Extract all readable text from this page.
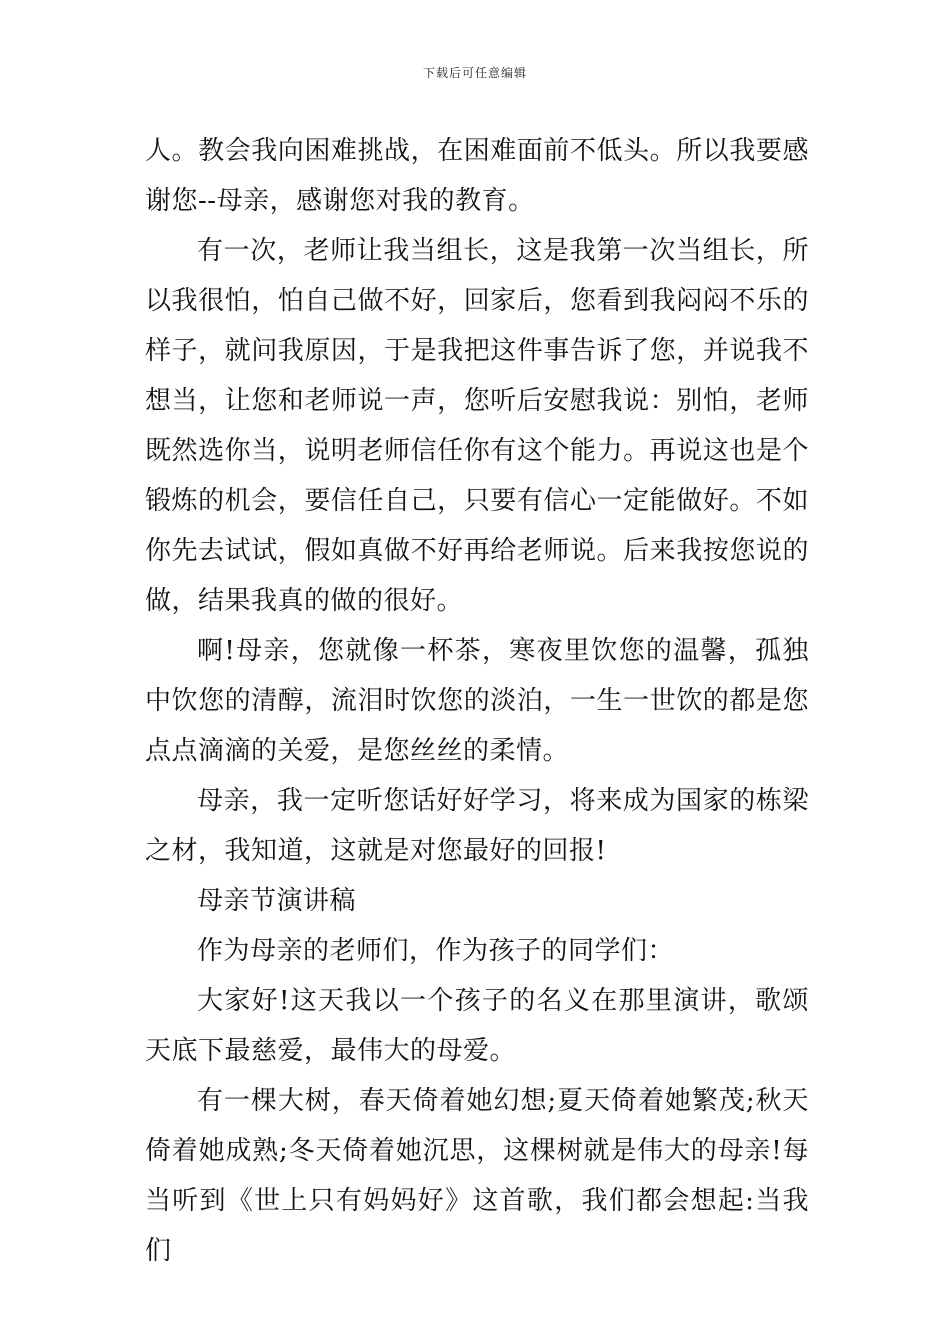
下载后可任意编辑

人。教会我向困难挑战，在困难面前不低头。所以我要感谢您--母亲，感谢您对我的教育。

有一次，老师让我当组长，这是我第一次当组长，所以我很怕，怕自己做不好，回家后，您看到我闷闷不乐的样子，就问我原因，于是我把这件事告诉了您，并说我不想当，让您和老师说一声，您听后安慰我说：别怕，老师既然选你当，说明老师信任你有这个能力。再说这也是个锻炼的机会，要信任自己，只要有信心一定能做好。不如你先去试试，假如真做不好再给老师说。后来我按您说的做，结果我真的做的很好。

啊!母亲，您就像一杯茶，寒夜里饮您的温馨，孤独中饮您的清醇，流泪时饮您的淡泊，一生一世饮的都是您点点滴滴的关爱，是您丝丝的柔情。

母亲，我一定听您话好好学习，将来成为国家的栋梁之材，我知道，这就是对您最好的回报!

母亲节演讲稿

作为母亲的老师们，作为孩子的同学们：

大家好!这天我以一个孩子的名义在那里演讲，歌颂天底下最慈爱，最伟大的母爱。

有一棵大树，春天倚着她幻想;夏天倚着她繁茂;秋天倚着她成熟;冬天倚着她沉思，这棵树就是伟大的母亲!每当听到《世上只有妈妈好》这首歌，我们都会想起:当我们
